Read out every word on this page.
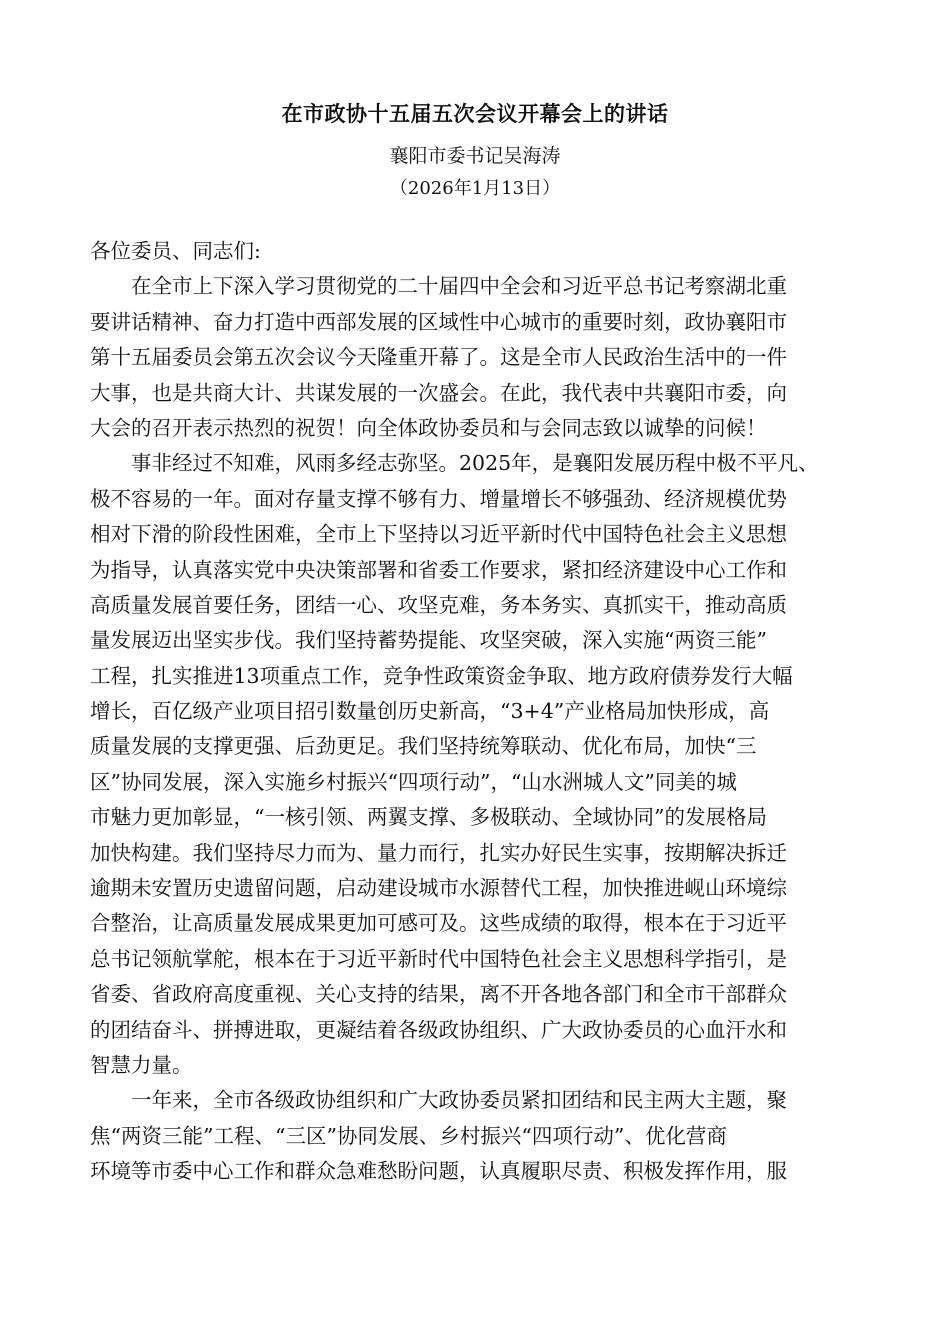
在市政协十五届五次会议开幕会上的讲话
襄阳市委书记吴海涛
（2026年1月13日）
各位委员、同志们:
　　在全市上下深入学习贯彻党的二十届四中全会和习近平总书记考察湖北重
要讲话精神、奋力打造中西部发展的区域性中心城市的重要时刻，政协襄阳市
第十五届委员会第五次会议今天隆重开幕了。这是全市人民政治生活中的一件
大事，也是共商大计、共谋发展的一次盛会。在此，我代表中共襄阳市委，向
大会的召开表示热烈的祝贺！向全体政协委员和与会同志致以诚挚的问候！
　　事非经过不知难，风雨多经志弥坚。2025年，是襄阳发展历程中极不平凡、
极不容易的一年。面对存量支撑不够有力、增量增长不够强劲、经济规模优势
相对下滑的阶段性困难，全市上下坚持以习近平新时代中国特色社会主义思想
为指导，认真落实党中央决策部署和省委工作要求，紧扣经济建设中心工作和
高质量发展首要任务，团结一心、攻坚克难，务本务实、真抓实干，推动高质
量发展迈出坚实步伐。我们坚持蓄势提能、攻坚突破，深入实施“两资三能”
工程，扎实推进13项重点工作，竞争性政策资金争取、地方政府债券发行大幅
增长，百亿级产业项目招引数量创历史新高，“3+4”产业格局加快形成，高
质量发展的支撑更强、后劲更足。我们坚持统筹联动、优化布局，加快“三
区”协同发展，深入实施乡村振兴“四项行动”，“山水洲城人文”同美的城
市魅力更加彰显，“一核引领、两翼支撑、多极联动、全域协同”的发展格局
加快构建。我们坚持尽力而为、量力而行，扎实办好民生实事，按期解决拆迁
逾期未安置历史遗留问题，启动建设城市水源替代工程，加快推进岘山环境综
合整治，让高质量发展成果更加可感可及。这些成绩的取得，根本在于习近平
总书记领航掌舵，根本在于习近平新时代中国特色社会主义思想科学指引，是
省委、省政府高度重视、关心支持的结果，离不开各地各部门和全市干部群众
的团结奋斗、拼搏进取，更凝结着各级政协组织、广大政协委员的心血汗水和
智慧力量。
　　一年来，全市各级政协组织和广大政协委员紧扣团结和民主两大主题，聚
焦“两资三能”工程、“三区”协同发展、乡村振兴“四项行动”、优化营商
环境等市委中心工作和群众急难愁盼问题，认真履职尽责、积极发挥作用，服
